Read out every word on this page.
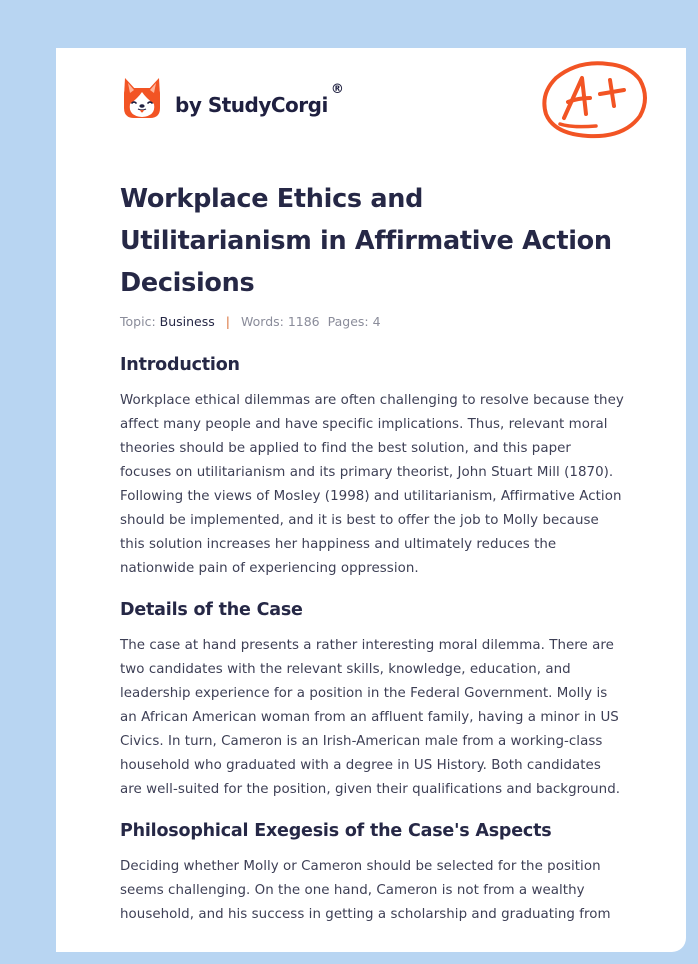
by StudyCorgi
®
Workplace Ethics and
Utilitarianism in Affirmative Action
Decisions
Topic: Business | Words: 1186 Pages: 4
Introduction

Workplace ethical dilemmas are often challenging to resolve because they
affect many people and have specific implications. Thus, relevant moral
theories should be applied to find the best solution, and this paper
focuses on utilitarianism and its primary theorist, John Stuart Mill (1870).
Following the views of Mosley (1998) and utilitarianism, Affirmative Action
should be implemented, and it is best to offer the job to Molly because
this solution increases her happiness and ultimately reduces the
nationwide pain of experiencing oppression.

Details of the Case

The case at hand presents a rather interesting moral dilemma. There are
two candidates with the relevant skills, knowledge, education, and
leadership experience for a position in the Federal Government. Molly is
an African American woman from an affluent family, having a minor in US
Civics. In turn, Cameron is an Irish-American male from a working-class
household who graduated with a degree in US History. Both candidates
are well-suited for the position, given their qualifications and background.

Philosophical Exegesis of the Case's Aspects

Deciding whether Molly or Cameron should be selected for the position
seems challenging. On the one hand, Cameron is not from a wealthy
household, and his success in getting a scholarship and graduating from
